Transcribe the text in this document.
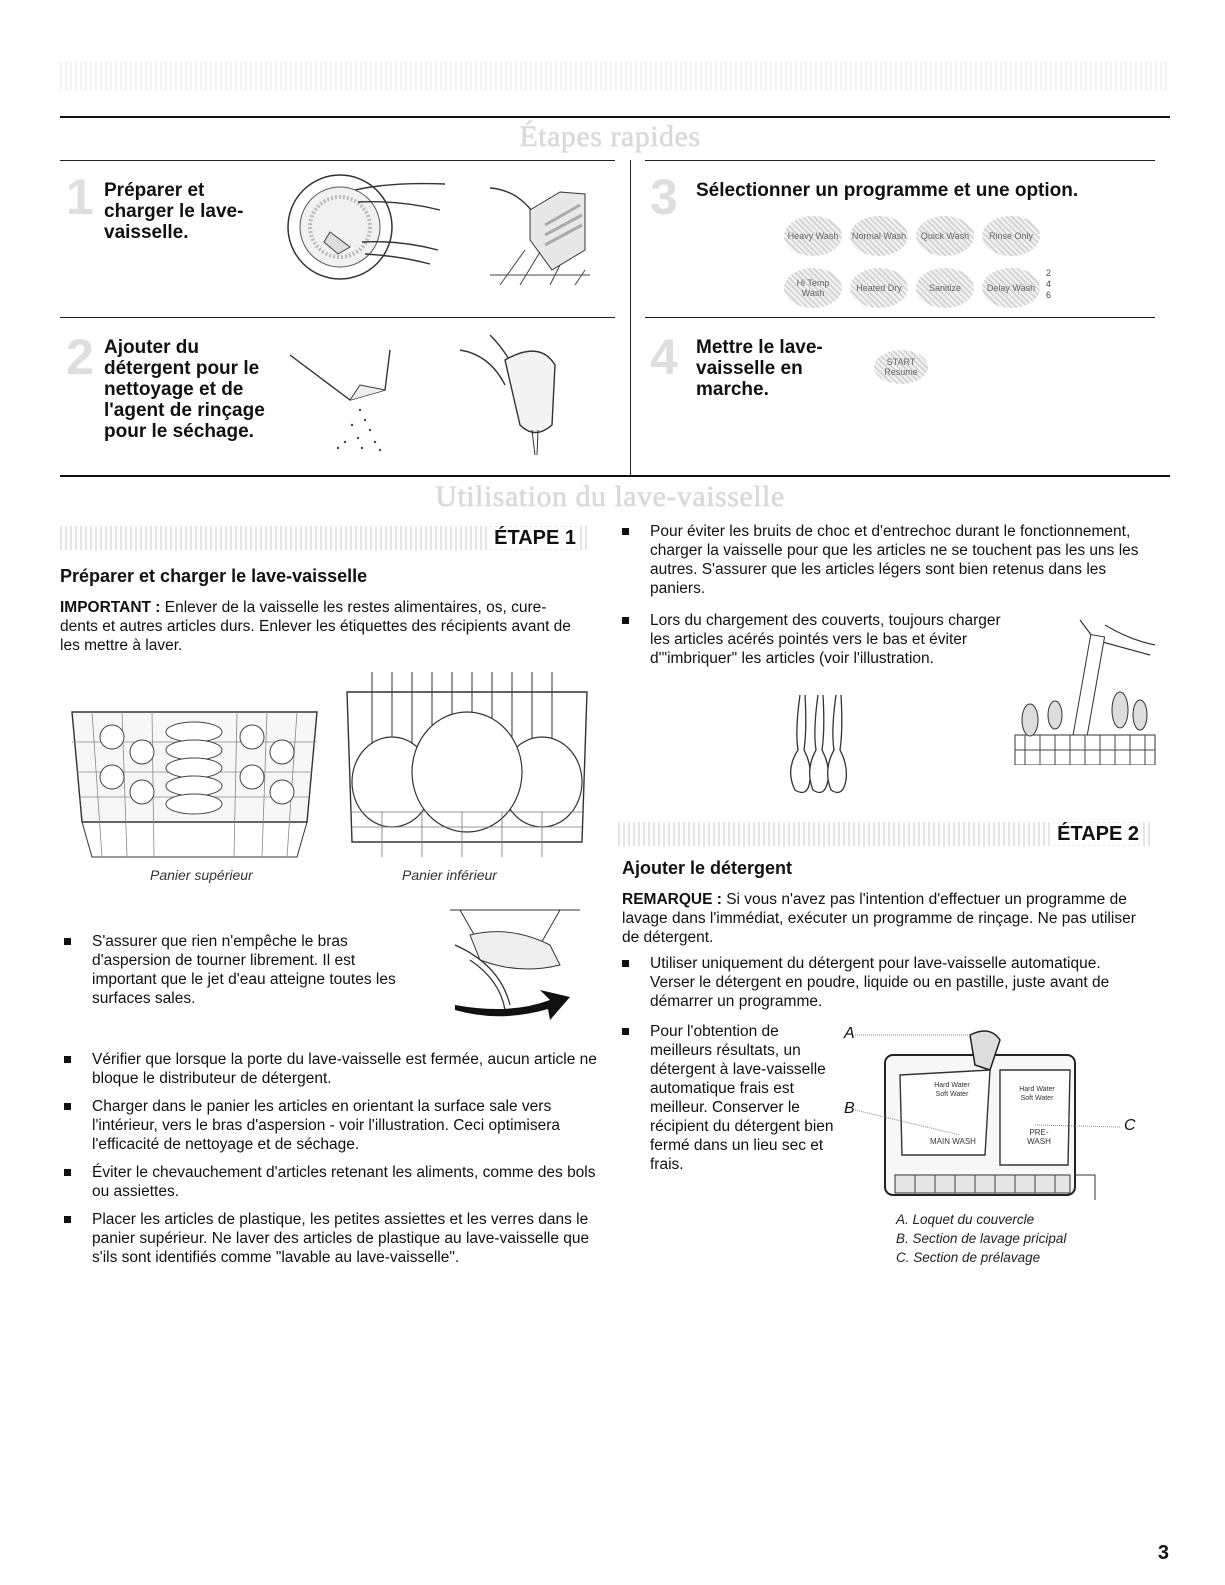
Étapes rapides
1 Préparer et charger le lave-vaisselle.
3 Sélectionner un programme et une option.
Heavy Wash	Normal Wash	Quick Wash	Rinse Only
Hi Temp Wash	Heated Dry	Sanitize	Delay Wash
2
4
6
2 Ajouter du détergent pour le nettoyage et de l'agent de rinçage pour le séchage.
4 Mettre le lave-vaisselle en marche.
START Resume
Utilisation du lave-vaisselle
ÉTAPE 1
Préparer et charger le lave-vaisselle
IMPORTANT : Enlever de la vaisselle les restes alimentaires, os, cure-dents et autres articles durs. Enlever les étiquettes des récipients avant de les mettre à laver.
Panier supérieur	Panier inférieur
S'assurer que rien n'empêche le bras d'aspersion de tourner librement. Il est important que le jet d'eau atteigne toutes les surfaces sales.
Vérifier que lorsque la porte du lave-vaisselle est fermée, aucun article ne bloque le distributeur de détergent.
Charger dans le panier les articles en orientant la surface sale vers l'intérieur, vers le bras d'aspersion - voir l'illustration. Ceci optimisera l'efficacité de nettoyage et de séchage.
Éviter le chevauchement d'articles retenant les aliments, comme des bols ou assiettes.
Placer les articles de plastique, les petites assiettes et les verres dans le panier supérieur. Ne laver des articles de plastique au lave-vaisselle que s'ils sont identifiés comme "lavable au lave-vaisselle".
Pour éviter les bruits de choc et d'entrechoc durant le fonctionnement, charger la vaisselle pour que les articles ne se touchent pas les uns les autres. S'assurer que les articles légers sont bien retenus dans les paniers.
Lors du chargement des couverts, toujours charger les articles acérés pointés vers le bas et éviter d'"imbriquer" les articles (voir l'illustration.
ÉTAPE 2
Ajouter le détergent
REMARQUE : Si vous n'avez pas l'intention d'effectuer un programme de lavage dans l'immédiat, exécuter un programme de rinçage. Ne pas utiliser de détergent.
Utiliser uniquement du détergent pour lave-vaisselle automatique. Verser le détergent en poudre, liquide ou en pastille, juste avant de démarrer un programme.
Pour l'obtention de meilleurs résultats, un détergent à lave-vaisselle automatique frais est meilleur. Conserver le récipient du détergent bien fermé dans un lieu sec et frais.
A
B
C
Hard Water
Soft Water
Hard Water
Soft Water
MAIN WASH
PRE-WASH
A. Loquet du couvercle
B. Section de lavage pricipal
C. Section de prélavage
3
